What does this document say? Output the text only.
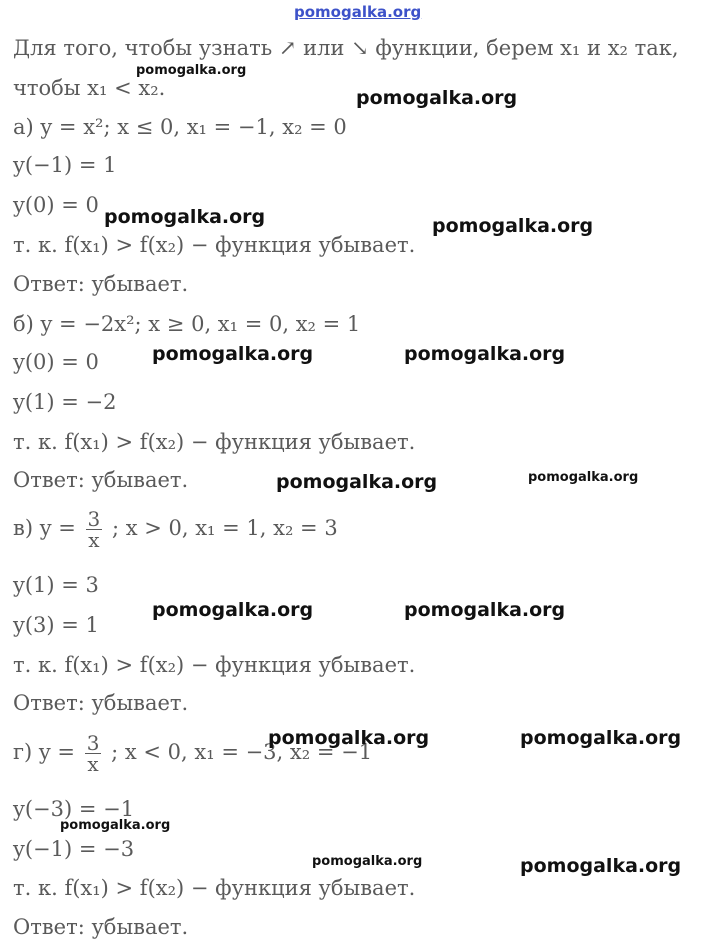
pomogalka.org
Для того, чтобы узнать ↗ или ↘ функции, берем x₁ и x₂ так,
чтобы x₁ < x₂.
а) y = x²; x ≤ 0, x₁ = −1, x₂ = 0
y(−1) = 1
y(0) = 0
т. к. f(x₁) > f(x₂) − функция убывает.
Ответ: убывает.
б) y = −2x²; x ≥ 0, x₁ = 0, x₂ = 1
y(0) = 0
y(1) = −2
т. к. f(x₁) > f(x₂) − функция убывает.
Ответ: убывает.
в) $y = \frac{3}{x}$ ; x > 0, x₁ = 1, x₂ = 3
y(1) = 3
y(3) = 1
т. к. f(x₁) > f(x₂) − функция убывает.
Ответ: убывает.
г) $y = \frac{3}{x}$ ; x < 0, x₁ = −3, x₂ = −1
y(−3) = −1
y(−1) = −3
т. к. f(x₁) > f(x₂) − функция убывает.
Ответ: убывает.
pomogalka.org
pomogalka.org
pomogalka.org	pomogalka.org
pomogalka.org	pomogalka.org
pomogalka.org	pomogalka.org
pomogalka.org	pomogalka.org
pomogalka.org	pomogalka.org
pomogalka.org
pomogalka.org	pomogalka.org
